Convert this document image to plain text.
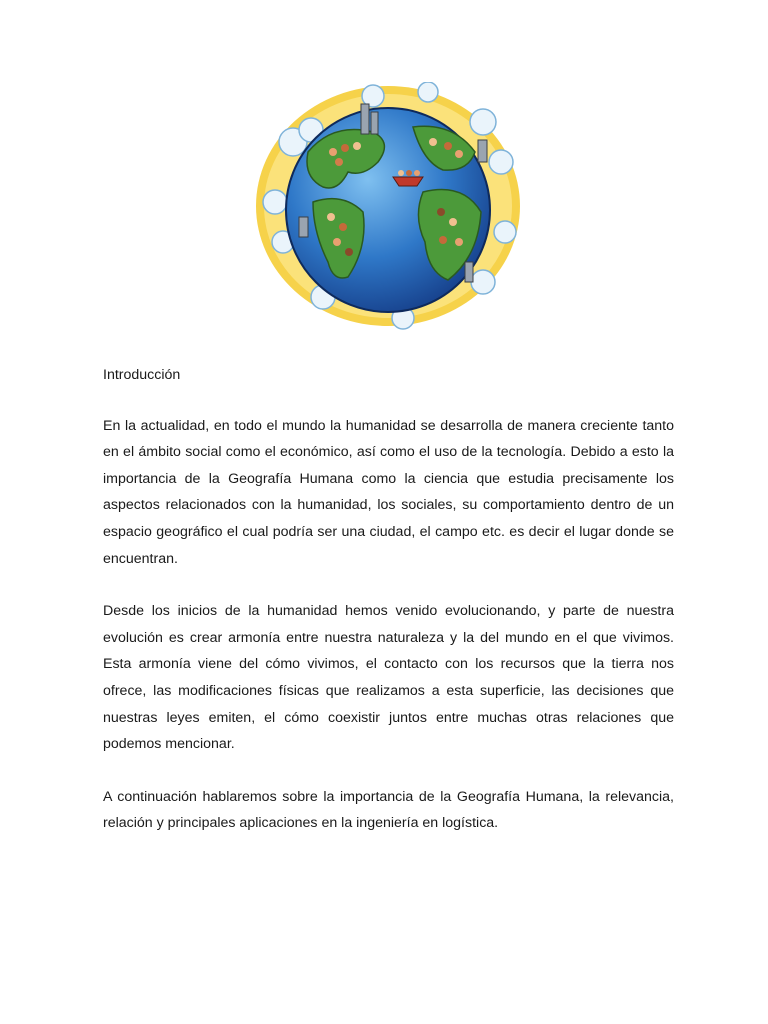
Introducción

En la actualidad, en todo el mundo la humanidad se desarrolla de manera creciente tanto en el ámbito social como el económico, así como el uso de la tecnología. Debido a esto la importancia de la Geografía Humana como la ciencia que estudia precisamente los aspectos relacionados con la humanidad, los sociales, su comportamiento dentro de un espacio geográfico el cual podría ser una ciudad, el campo etc. es decir el lugar donde se encuentran.

Desde los inicios de la humanidad hemos venido evolucionando, y parte de nuestra evolución es crear armonía entre nuestra naturaleza y la del mundo en el que vivimos. Esta armonía viene del cómo vivimos, el contacto con los recursos que la tierra nos ofrece, las modificaciones físicas que realizamos a esta superficie, las decisiones que nuestras leyes emiten, el cómo coexistir juntos entre muchas otras relaciones que podemos mencionar.

A continuación hablaremos sobre la importancia de la Geografía Humana, la relevancia, relación y principales aplicaciones en la ingeniería en logística.
